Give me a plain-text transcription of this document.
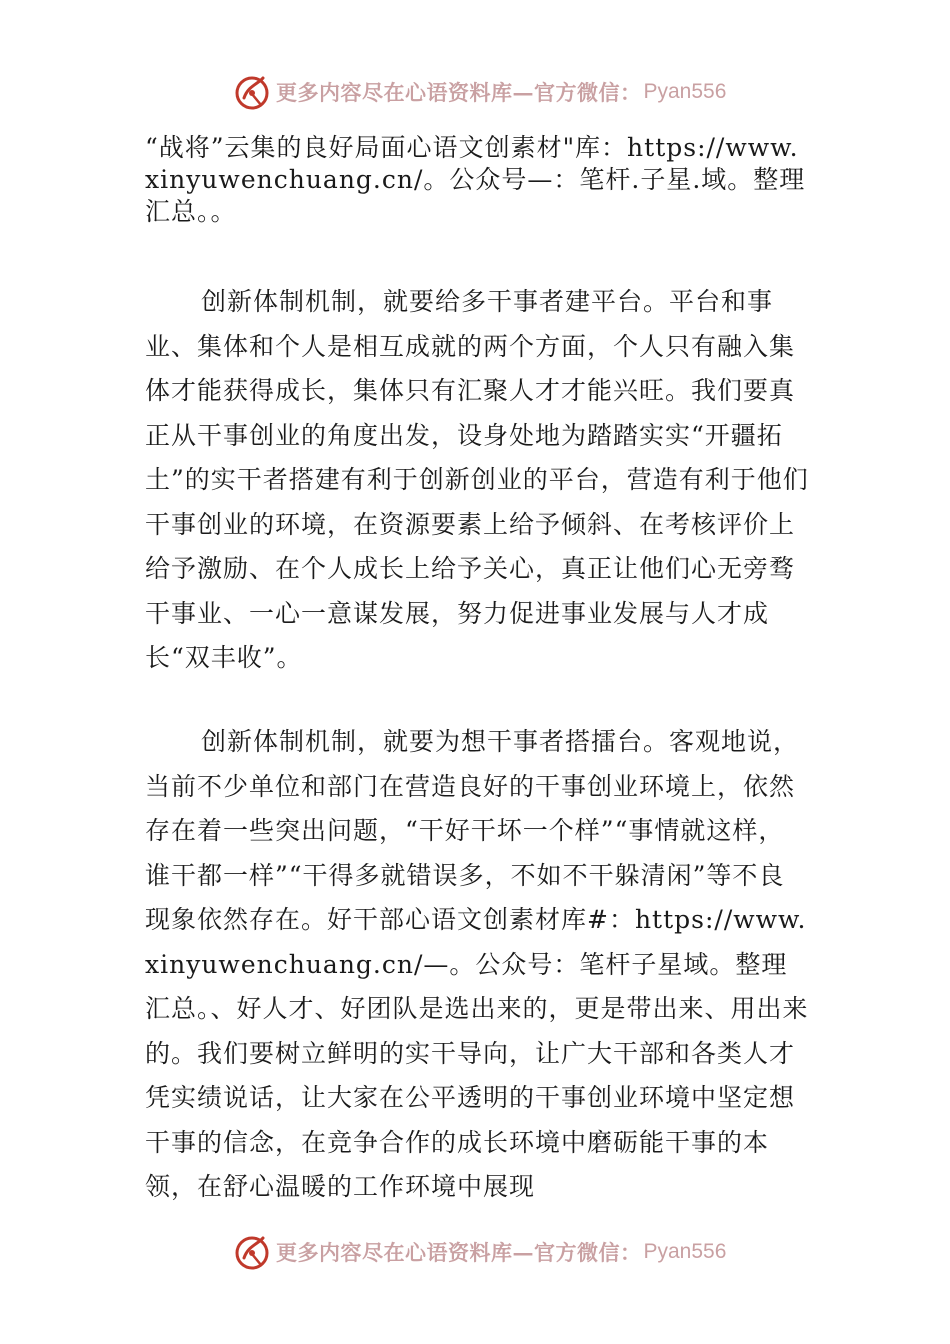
更多内容尽在心语资料库—官方微信： Pyan556

“战将”云集的良好局面心语文创素材"库：https://www.xinyuwenchuang.cn/。公众号—：笔杆.子星.域。整理汇总。。

创新体制机制，就要给多干事者建平台。平台和事业、集体和个人是相互成就的两个方面，个人只有融入集体才能获得成长，集体只有汇聚人才才能兴旺。我们要真正从干事创业的角度出发，设身处地为踏踏实实“开疆拓土”的实干者搭建有利于创新创业的平台，营造有利于他们干事创业的环境，在资源要素上给予倾斜、在考核评价上给予激励、在个人成长上给予关心，真正让他们心无旁骛干事业、一心一意谋发展，努力促进事业发展与人才成长“双丰收”。

创新体制机制，就要为想干事者搭擂台。客观地说，当前不少单位和部门在营造良好的干事创业环境上，依然存在着一些突出问题，“干好干坏一个样”“事情就这样，谁干都一样”“干得多就错误多，不如不干躲清闲”等不良现象依然存在。好干部心语文创素材库#：https://www.xinyuwenchuang.cn/—。公众号：笔杆子星域。整理汇总。、好人才、好团队是选出来的，更是带出来、用出来的。我们要树立鲜明的实干导向，让广大干部和各类人才凭实绩说话，让大家在公平透明的干事创业环境中坚定想干事的信念，在竞争合作的成长环境中磨砺能干事的本领，在舒心温暖的工作环境中展现

更多内容尽在心语资料库—官方微信： Pyan556
